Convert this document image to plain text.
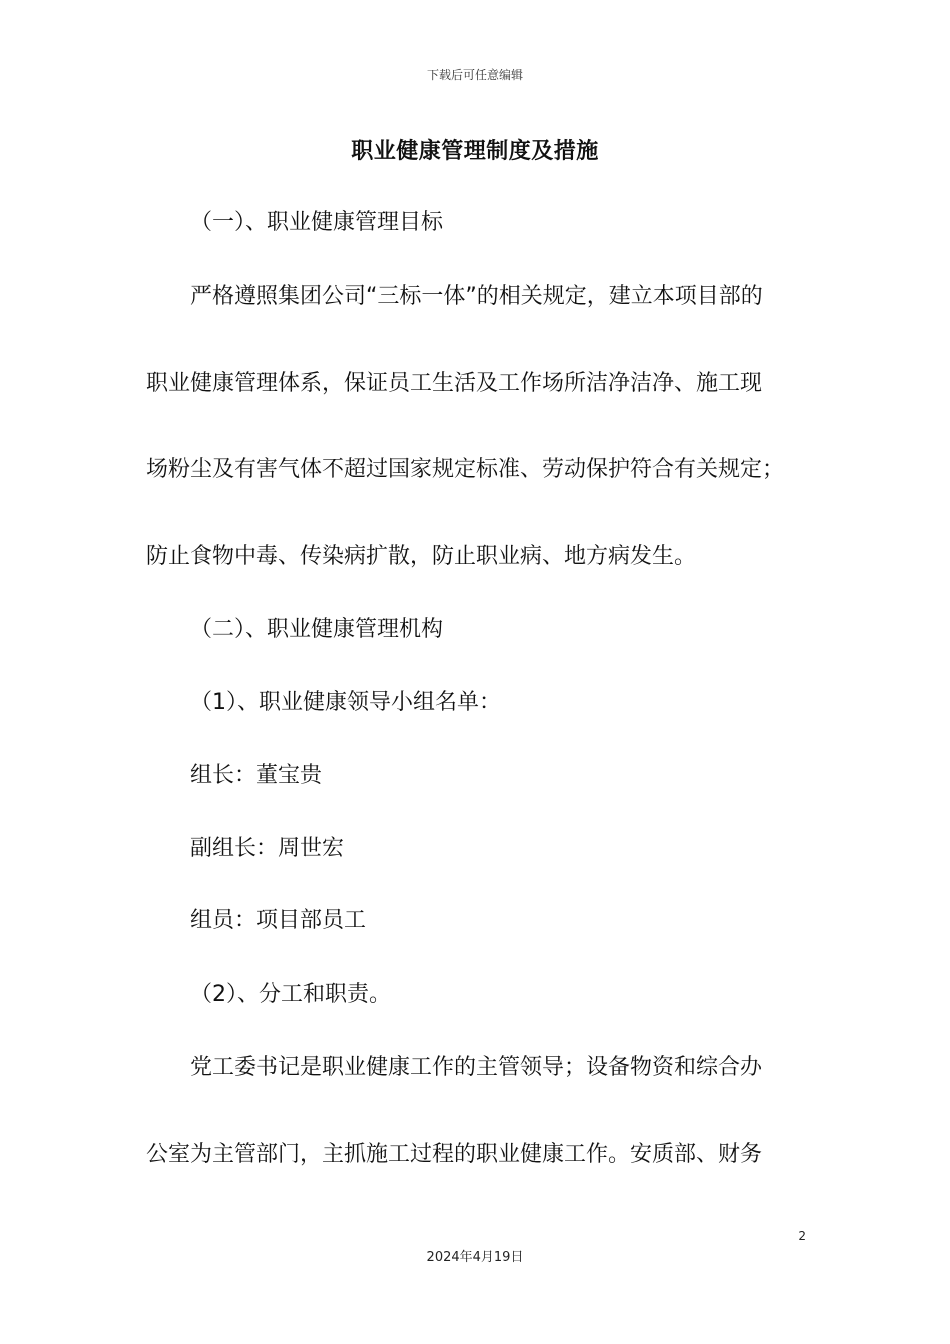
下载后可任意编辑
职业健康管理制度及措施
（一）、职业健康管理目标
严格遵照集团公司“三标一体”的相关规定，建立本项目部的
职业健康管理体系，保证员工生活及工作场所洁净洁净、施工现
场粉尘及有害气体不超过国家规定标准、劳动保护符合有关规定；
防止食物中毒、传染病扩散，防止职业病、地方病发生。
（二）、职业健康管理机构
（1）、职业健康领导小组名单：
组长：董宝贵
副组长：周世宏
组员：项目部员工
（2）、分工和职责。
党工委书记是职业健康工作的主管领导；设备物资和综合办
公室为主管部门，主抓施工过程的职业健康工作。安质部、财务
2
2024年4月19日
